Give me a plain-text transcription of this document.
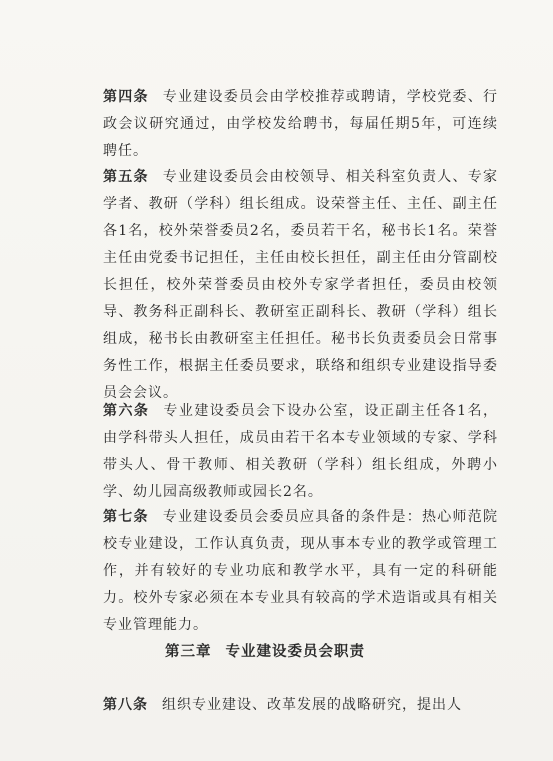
第四条 专业建设委员会由学校推荐或聘请，学校党委、行政会议研究通过，由学校发给聘书，每届任期5年，可连续聘任。

第五条 专业建设委员会由校领导、相关科室负责人、专家学者、教研（学科）组长组成。设荣誉主任、主任、副主任各1名，校外荣誉委员2名，委员若干名，秘书长1名。荣誉主任由党委书记担任，主任由校长担任，副主任由分管副校长担任，校外荣誉委员由校外专家学者担任，委员由校领导、教务科正副科长、教研室正副科长、教研（学科）组长组成，秘书长由教研室主任担任。秘书长负责委员会日常事务性工作，根据主任委员要求，联络和组织专业建设指导委员会会议。

第六条 专业建设委员会下设办公室，设正副主任各1名，由学科带头人担任，成员由若干名本专业领域的专家、学科带头人、骨干教师、相关教研（学科）组长组成，外聘小学、幼儿园高级教师或园长2名。

第七条 专业建设委员会委员应具备的条件是：热心师范院校专业建设，工作认真负责，现从事本专业的教学或管理工作，并有较好的专业功底和教学水平，具有一定的科研能力。校外专家必须在本专业具有较高的学术造诣或具有相关专业管理能力。

第三章 专业建设委员会职责

第八条 组织专业建设、改革发展的战略研究，提出人
